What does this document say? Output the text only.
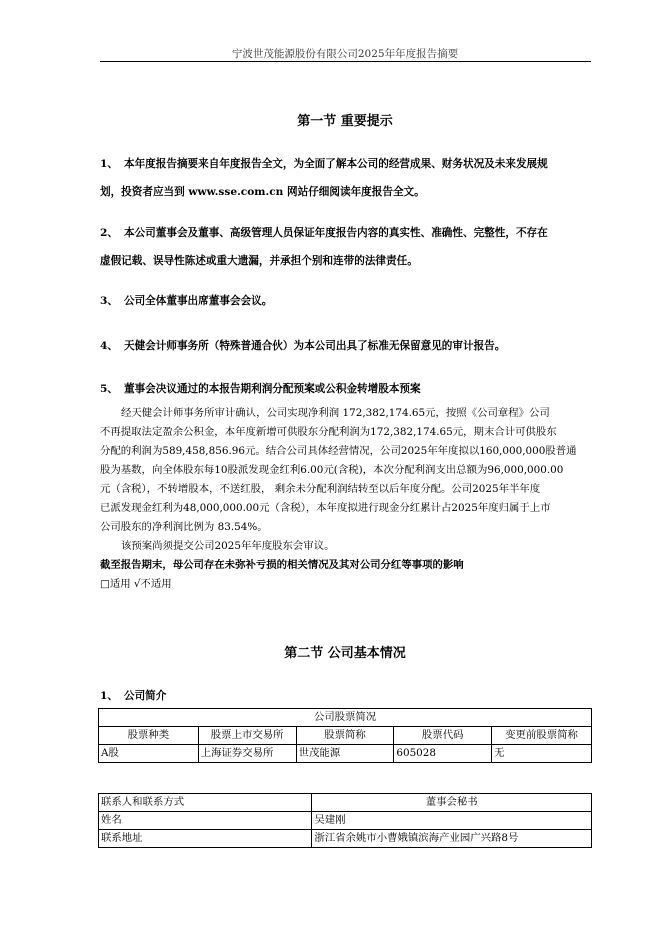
宁波世茂能源股份有限公司2025年年度报告摘要
第一节 重要提示
1、 本年度报告摘要来自年度报告全文，为全面了解本公司的经营成果、财务状况及未来发展规
划，投资者应当到 www.sse.com.cn 网站仔细阅读年度报告全文。
2、 本公司董事会及董事、高级管理人员保证年度报告内容的真实性、准确性、完整性，不存在
虚假记载、误导性陈述或重大遗漏，并承担个别和连带的法律责任。
3、 公司全体董事出席董事会会议。
4、 天健会计师事务所（特殊普通合伙）为本公司出具了标准无保留意见的审计报告。
5、 董事会决议通过的本报告期利润分配预案或公积金转增股本预案
经天健会计师事务所审计确认，公司实现净利润 172,382,174.65元，按照《公司章程》公司
不再提取法定盈余公积金，本年度新增可供股东分配利润为172,382,174.65元，期末合计可供股东
分配的利润为589,458,856.96元。结合公司具体经营情况，公司2025年年度拟以160,000,000股普通
股为基数，向全体股东每10股派发现金红利6.00元(含税)，本次分配利润支出总额为96,000,000.00
元（含税），不转增股本，不送红股， 剩余未分配利润结转至以后年度分配。公司2025年半年度
已派发现金红利为48,000,000.00元（含税），本年度拟进行现金分红累计占2025年度归属于上市
公司股东的净利润比例为 83.54%。
该预案尚须提交公司2025年年度股东会审议。
截至报告期末，母公司存在未弥补亏损的相关情况及其对公司分红等事项的影响
□适用 √不适用
第二节 公司基本情况
1、 公司简介
公司股票简况				
股票种类	股票上市交易所	股票简称	股票代码	变更前股票简称
A股	上海证券交易所	世茂能源	605028	无
联系人和联系方式	董事会秘书
姓名	吴建刚
联系地址	浙江省余姚市小曹娥镇滨海产业园广兴路8号
